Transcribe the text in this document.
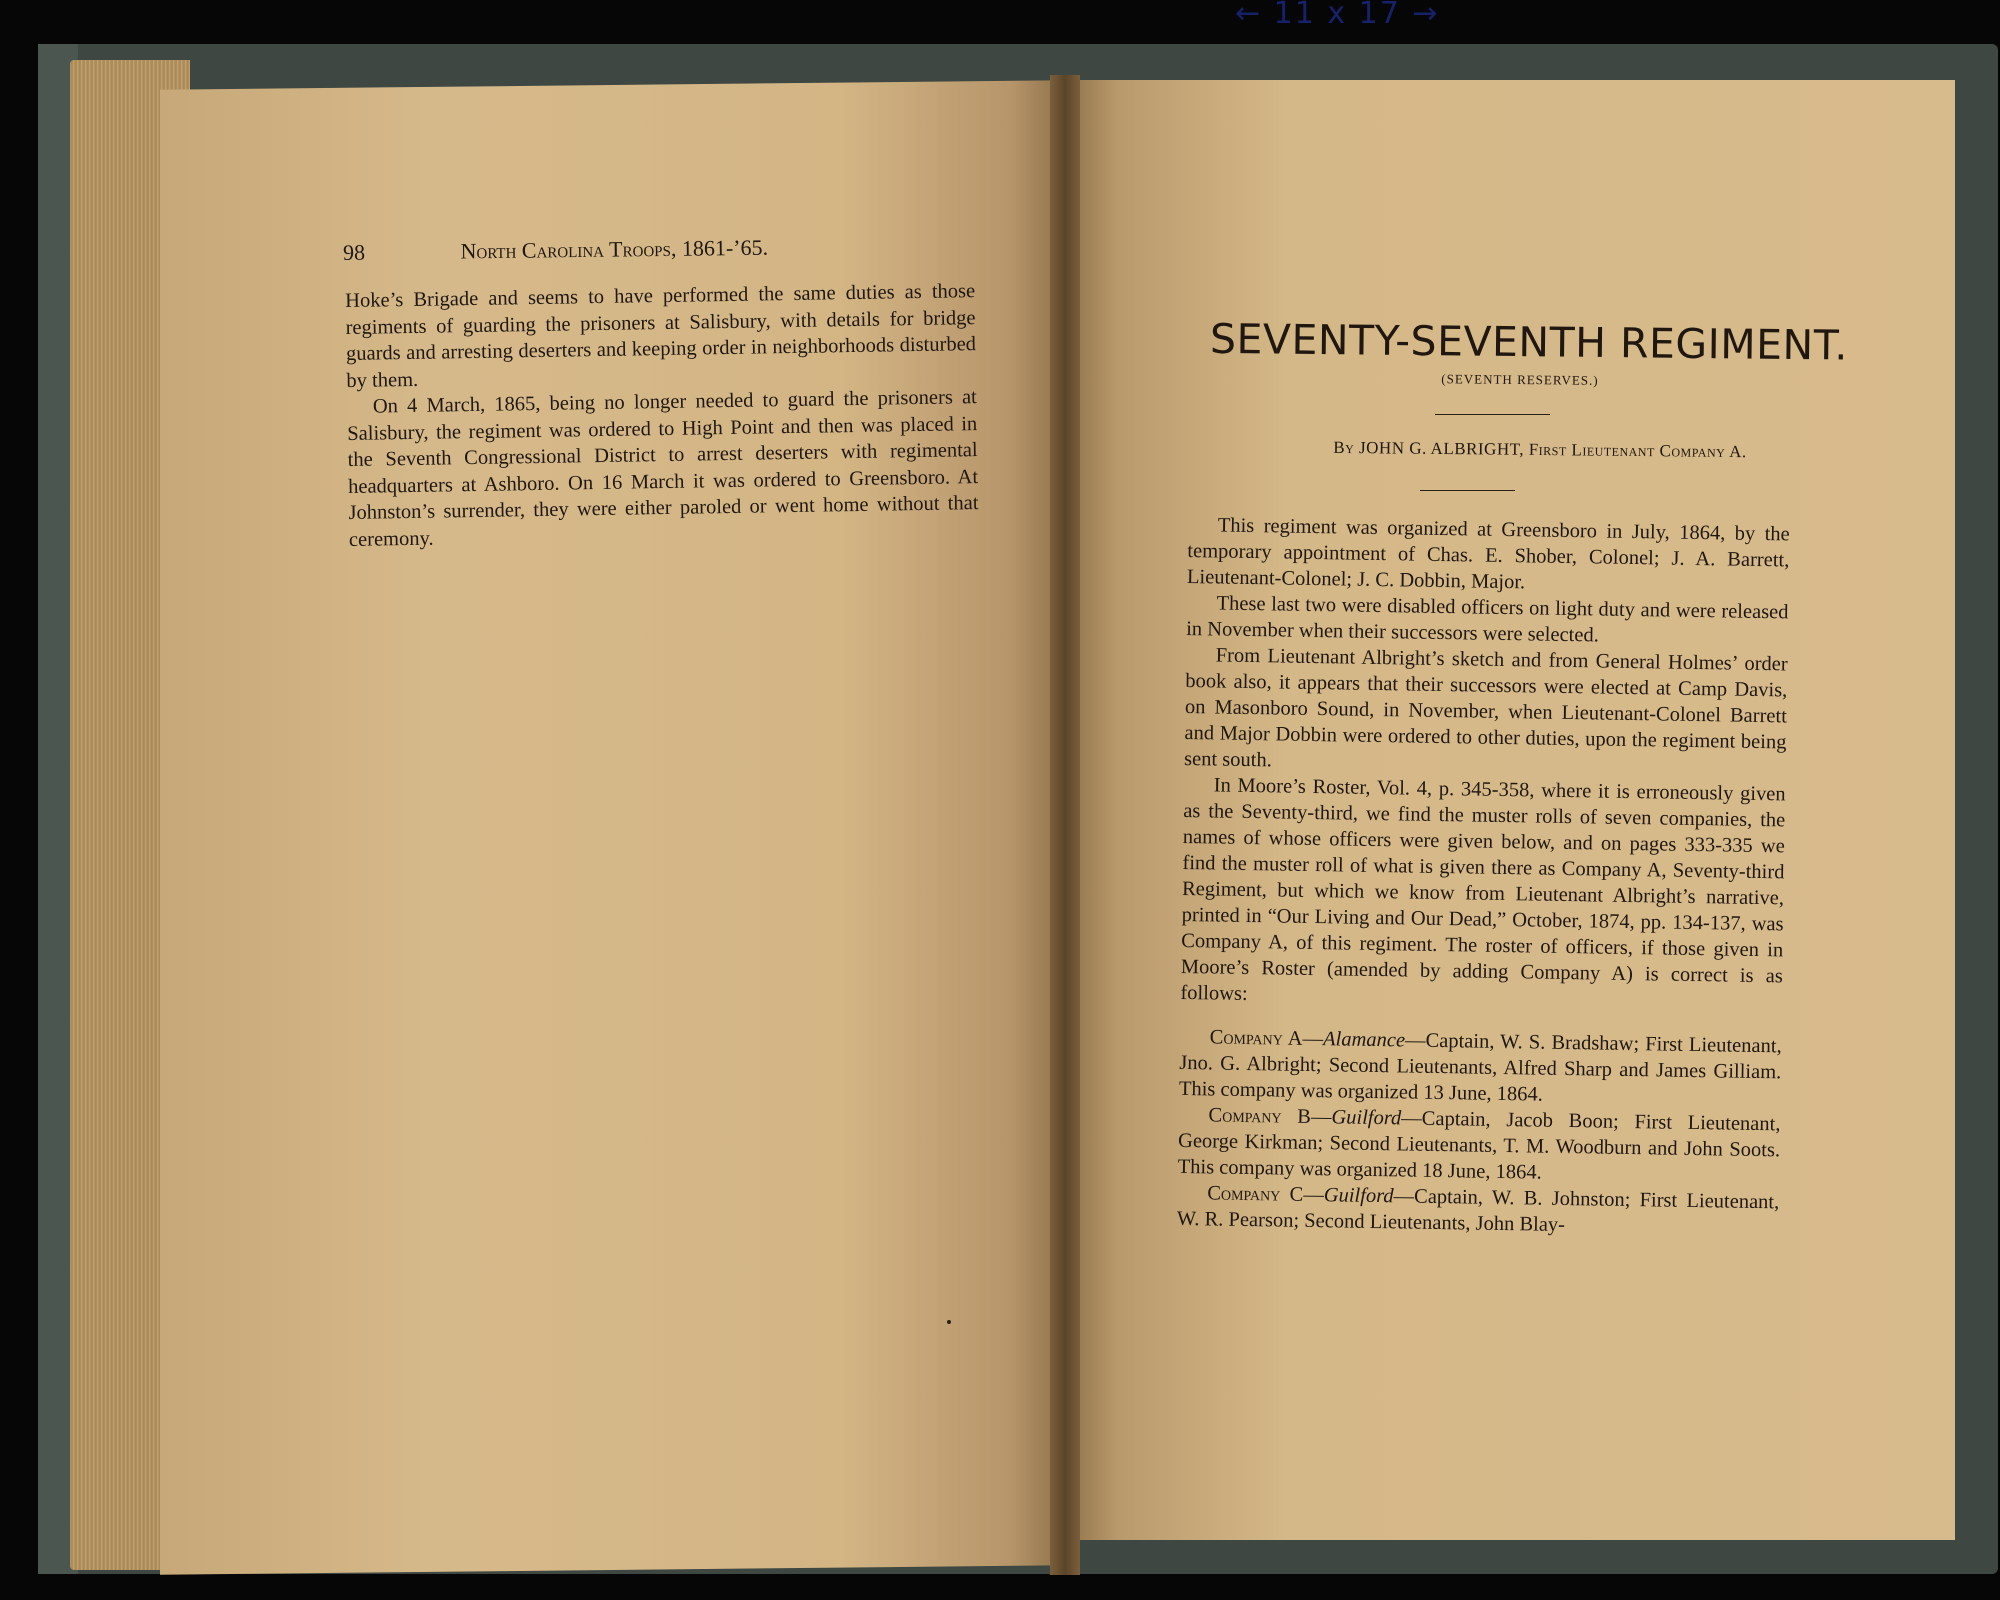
← 11 x 17 →
98	North Carolina Troops, 1861-’65.

Hoke’s Brigade and seems to have performed the same duties as those regiments of guarding the prisoners at Salisbury, with details for bridge guards and arresting deserters and keeping order in neighborhoods disturbed by them.

On 4 March, 1865, being no longer needed to guard the prisoners at Salisbury, the regiment was ordered to High Point and then was placed in the Seventh Congressional District to arrest deserters with regimental headquarters at Ashboro. On 16 March it was ordered to Greensboro. At Johnston’s surrender, they were either paroled or went home without that ceremony.

SEVENTY-SEVENTH REGIMENT.
(SEVENTH RESERVES.)
By JOHN G. ALBRIGHT, First Lieutenant Company A.

This regiment was organized at Greensboro in July, 1864, by the temporary appointment of Chas. E. Shober, Colonel; J. A. Barrett, Lieutenant-Colonel; J. C. Dobbin, Major.

These last two were disabled officers on light duty and were released in November when their successors were selected.

From Lieutenant Albright’s sketch and from General Holmes’ order book also, it appears that their successors were elected at Camp Davis, on Masonboro Sound, in November, when Lieutenant-Colonel Barrett and Major Dobbin were ordered to other duties, upon the regiment being sent south.

In Moore’s Roster, Vol. 4, p. 345-358, where it is erroneously given as the Seventy-third, we find the muster rolls of seven companies, the names of whose officers were given below, and on pages 333-335 we find the muster roll of what is given there as Company A, Seventy-third Regiment, but which we know from Lieutenant Albright’s narrative, printed in “Our Living and Our Dead,” October, 1874, pp. 134-137, was Company A, of this regiment. The roster of officers, if those given in Moore’s Roster (amended by adding Company A) is correct is as follows:

Company A—Alamance—Captain, W. S. Bradshaw; First Lieutenant, Jno. G. Albright; Second Lieutenants, Alfred Sharp and James Gilliam. This company was organized 13 June, 1864.

Company B—Guilford—Captain, Jacob Boon; First Lieutenant, George Kirkman; Second Lieutenants, T. M. Woodburn and John Soots. This company was organized 18 June, 1864.

Company C—Guilford—Captain, W. B. Johnston; First Lieutenant, W. R. Pearson; Second Lieutenants, John Blay-
